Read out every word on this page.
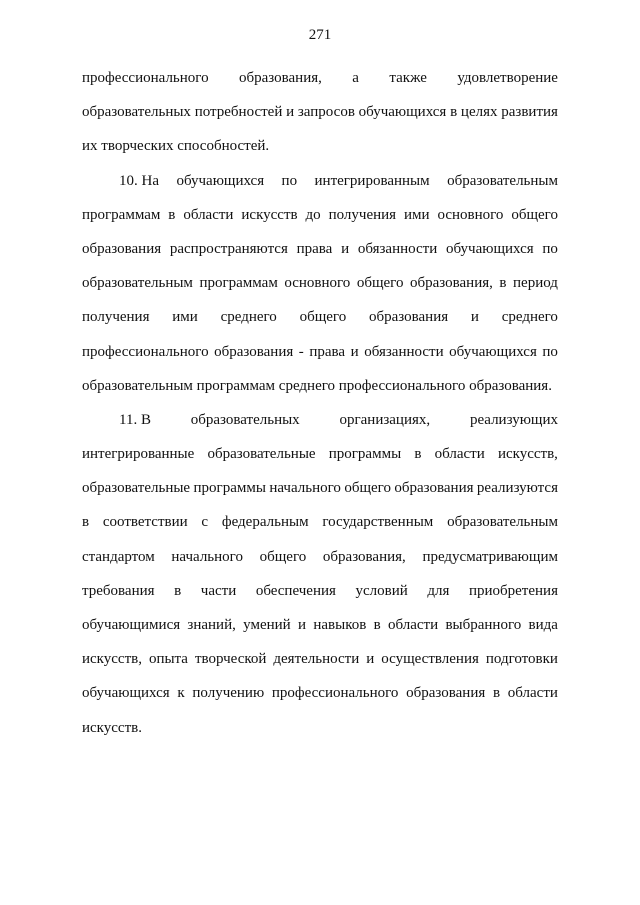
271
профессионального образования, а также удовлетворение
образовательных потребностей и запросов обучающихся в целях развития
их творческих способностей.
10. На обучающихся по интегрированным образовательным
программам в области искусств до получения ими основного общего
образования распространяются права и обязанности обучающихся по
образовательным программам основного общего образования, в период
получения ими среднего общего образования и среднего
профессионального образования - права и обязанности обучающихся по
образовательным программам среднего профессионального образования.
11. В	образовательных	организациях,	реализующих
интегрированные образовательные программы в области искусств,
образовательные программы начального общего образования реализуются
в соответствии с федеральным государственным образовательным
стандартом начального общего образования, предусматривающим
требования в части обеспечения условий для приобретения
обучающимися знаний, умений и навыков в области выбранного вида
искусств, опыта творческой деятельности и осуществления подготовки
обучающихся к получению профессионального образования в области
искусств.
